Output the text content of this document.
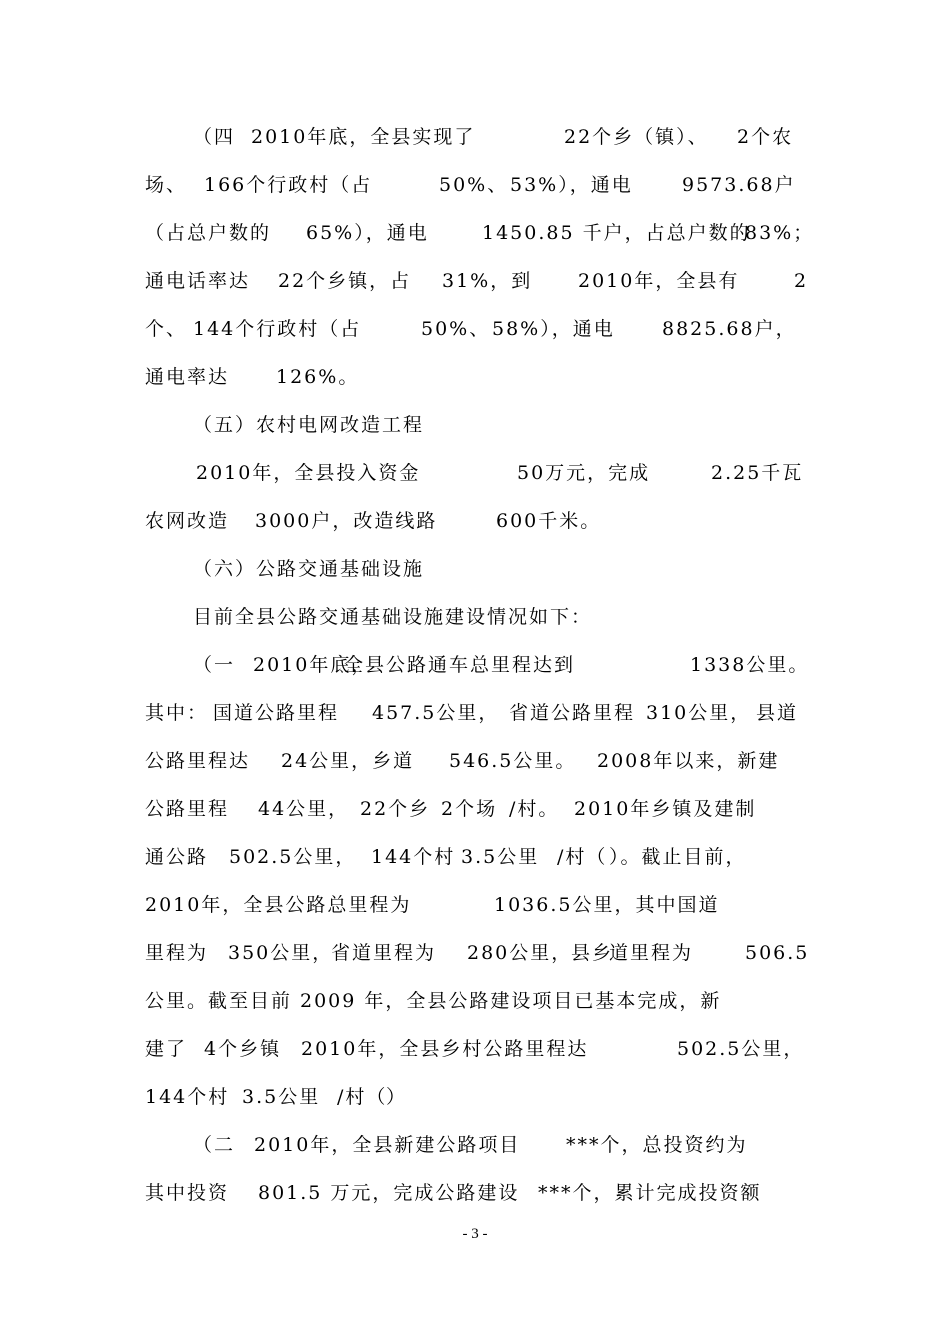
（四 2010年底，全县实现了	22个乡（镇）、 2个农
场、 166个行政村（占	50%、 53%），通电	9573.68户
（占总户数的 65%），通电	1450.85 千户，占总户数的
83%；
通电话率达 22个乡镇，占 31%，到 2010年，全县有	2
个、 144个行政村（占	50%、 58%），通电 8825.68户，
通电率达 126%。
（五）农村电网改造工程
2010年，全县投入资金	50万元，完成	2.25千瓦
农网改造 3000户，改造线路	600千米。
（六）公路交通基础设施
目前全县公路交通基础设施建设情况如下：
（一 2010年底，
全县公路通车总里程达到	1338公里。
其中： 国道公路里程 457.5公里， 省道公路里程 310公里， 县道
公路里程达 24公里，乡道 546.5公里。 2008年以来，新建
公路里程 44公里， 22个乡 2个场 /村。 2010年乡镇及建制
通公路 502.5公里， 144个村 3.5公里 /村（ ）。截止目前，
2010年，全县公路总里程为	1036.5公里，其中国道
里程为 350公里，
省道里程为 280公里，
县乡
道里程为	506.5
公里。截至目前 2009 年，全县公路建设项目已基本完成，新
建了 4个乡镇 2010年，全县乡村公路里程达	502.5公里，
144个村 3.5公里 /村（
）
（二 2010年，全县新建公路项目 ***个，总投资约为
其中投资 801.5 万元，完成公路建设 ***个，累计完成投资额
- 3 -
